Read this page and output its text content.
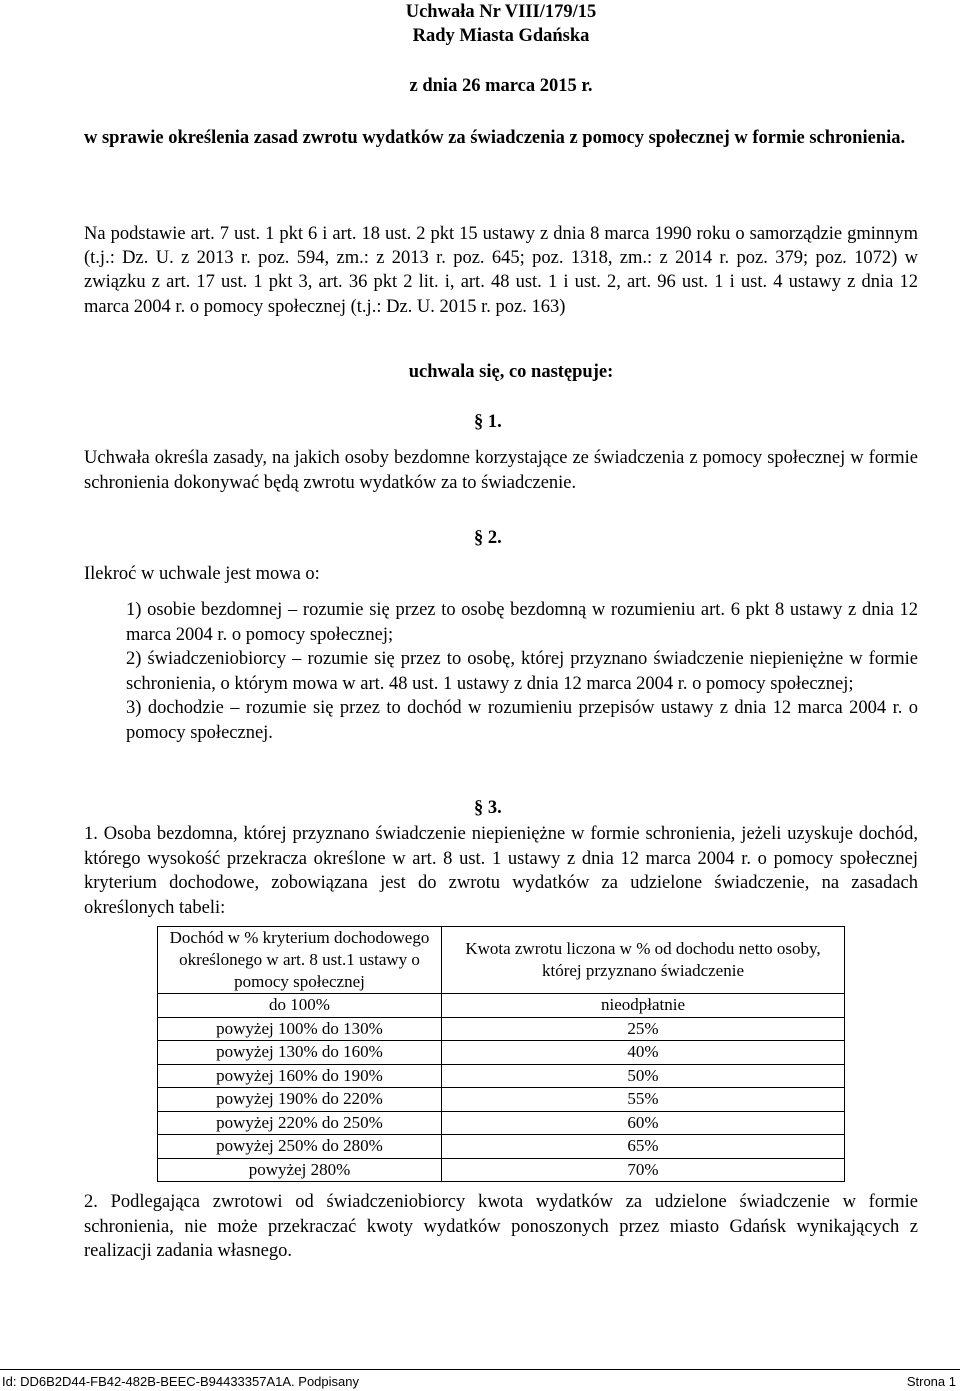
Uchwała Nr VIII/179/15
Rady Miasta Gdańska
z dnia 26 marca 2015 r.
w sprawie określenia zasad zwrotu wydatków za świadczenia z pomocy społecznej w formie schronienia.
Na podstawie art. 7 ust. 1 pkt 6 i art. 18 ust. 2 pkt 15 ustawy z dnia 8 marca 1990 roku o samorządzie gminnym (t.j.: Dz. U. z 2013 r. poz. 594, zm.: z 2013 r. poz. 645; poz. 1318, zm.: z 2014 r. poz. 379; poz. 1072) w związku z art. 17 ust. 1 pkt 3, art. 36 pkt 2 lit. i, art. 48 ust. 1 i ust. 2, art. 96 ust. 1 i ust. 4 ustawy z dnia 12 marca 2004 r. o pomocy społecznej (t.j.: Dz. U. 2015 r. poz. 163)
uchwala się, co następuje:
§ 1.
Uchwała określa zasady, na jakich osoby bezdomne korzystające ze świadczenia z pomocy społecznej w formie schronienia dokonywać będą zwrotu wydatków za to świadczenie.
§ 2.
Ilekroć w uchwale jest mowa o:
1) osobie bezdomnej – rozumie się przez to osobę bezdomną w rozumieniu art. 6 pkt 8 ustawy z dnia 12 marca 2004 r. o pomocy społecznej;
2) świadczeniobiorcy – rozumie się przez to osobę, której przyznano świadczenie niepieniężne w formie schronienia, o którym mowa w art. 48 ust. 1 ustawy z dnia 12 marca 2004 r. o pomocy społecznej;
3) dochodzie – rozumie się przez to dochód w rozumieniu przepisów ustawy z dnia 12 marca 2004 r. o pomocy społecznej.
§ 3.
1. Osoba bezdomna, której przyznano świadczenie niepieniężne w formie schronienia, jeżeli uzyskuje dochód, którego wysokość przekracza określone w art. 8 ust. 1 ustawy z dnia 12 marca 2004 r. o pomocy społecznej kryterium dochodowe, zobowiązana jest do zwrotu wydatków za udzielone świadczenie, na zasadach określonych tabeli:
Dochód w % kryterium dochodowego określonego w art. 8 ust.1 ustawy o pomocy społecznej	Kwota zwrotu liczona w % od dochodu netto osoby, której przyznano świadczenie
do 100%	nieodpłatnie
powyżej 100% do 130%	25%
powyżej 130% do 160%	40%
powyżej 160% do 190%	50%
powyżej 190% do 220%	55%
powyżej 220% do 250%	60%
powyżej 250% do 280%	65%
powyżej 280%	70%
2. Podlegająca zwrotowi od świadczeniobiorcy kwota wydatków za udzielone świadczenie w formie schronienia, nie może przekraczać kwoty wydatków ponoszonych przez miasto Gdańsk wynikających z realizacji zadania własnego.
Id: DD6B2D44-FB42-482B-BEEC-B94433357A1A. Podpisany	Strona 1
